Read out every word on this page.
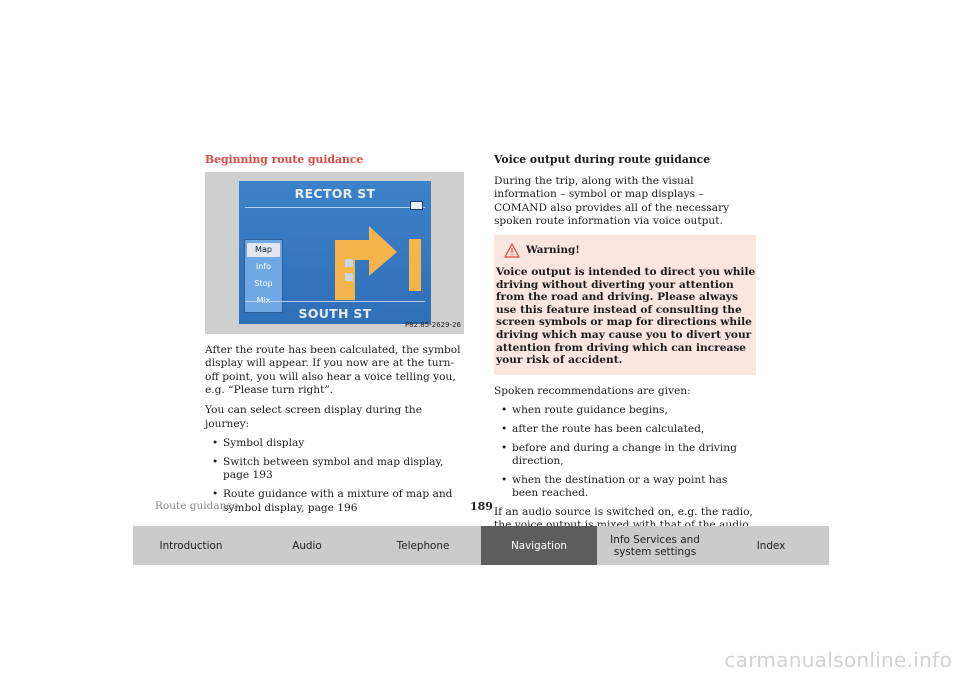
Beginning route guidance
RECTOR ST
Map
Info
Stop
SOUTH ST
P82.85-2629-26

After the route has been calculated, the symbol display will appear. If you now are at the turn-off point, you will also hear a voice telling you, e.g. “Please turn right”.

You can select screen display during the journey:

• Symbol display
• Switch between symbol and map display, page 193
• Route guidance with a mixture of map and symbol display, page 196
Voice output during route guidance

During the trip, along with the visual information – symbol or map displays – COMAND also provides all of the necessary spoken route information via voice output.

Warning!
Voice output is intended to direct you while driving without diverting your attention from the road and driving. Please always use this feature instead of consulting the screen symbols or map for directions while driving which may cause you to divert your attention from driving which can increase your risk of accident.

Spoken recommendations are given:

• when route guidance begins,
• after the route has been calculated,
• before and during a change in the driving direction,
• when the destination or a way point has been reached.

If an audio source is switched on, e.g. the radio,

Route guidance	189
Introduction	Audio	Telephone	Navigation	Info Services and
system settings	Index
carmanualsonline.info
